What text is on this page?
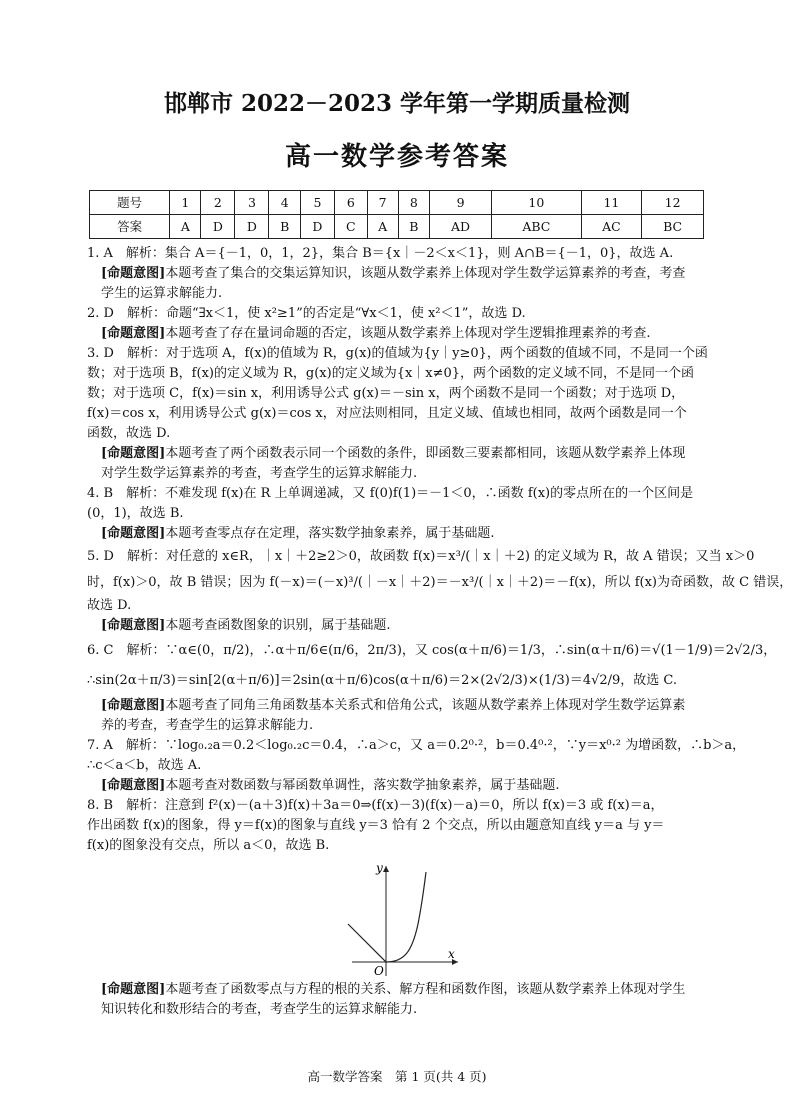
邯郸市 2022－2023 学年第一学期质量检测
高一数学参考答案
题号	1	2	3	4	5	6	7	8	9	10	11	12
答案	A	D	D	B	D	C	A	B	AD	ABC	AC	BC
1. A　解析：集合 A＝{－1，0，1，2}，集合 B＝{x｜－2＜x＜1}，则 A∩B＝{－1，0}，故选 A.
[命题意图]本题考查了集合的交集运算知识，该题从数学素养上体现对学生数学运算素养的考查，考查
学生的运算求解能力.
2. D　解析：命题“∃x＜1，使 x²≥1”的否定是“∀x＜1，使 x²＜1”，故选 D.
[命题意图]本题考查了存在量词命题的否定，该题从数学素养上体现对学生逻辑推理素养的考查.
3. D　解析：对于选项 A，f(x)的值域为 R，g(x)的值域为{y｜y≥0}，两个函数的值域不同，不是同一个函
数；对于选项 B，f(x)的定义域为 R，g(x)的定义域为{x｜x≠0}，两个函数的定义域不同，不是同一个函
数；对于选项 C，f(x)＝sin x，利用诱导公式 g(x)＝－sin x，两个函数不是同一个函数；对于选项 D，
f(x)＝cos x，利用诱导公式 g(x)＝cos x，对应法则相同，且定义域、值域也相同，故两个函数是同一个
函数，故选 D.
[命题意图]本题考查了两个函数表示同一个函数的条件，即函数三要素都相同，该题从数学素养上体现
对学生数学运算素养的考查，考查学生的运算求解能力.
4. B　解析：不难发现 f(x)在 R 上单调递减，又 f(0)f(1)＝－1＜0，∴函数 f(x)的零点所在的一个区间是
(0，1)，故选 B.
[命题意图]本题考查零点存在定理，落实数学抽象素养，属于基础题.
5. D　解析：对任意的 x∈R，｜x｜＋2≥2＞0，故函数 f(x)＝x³/(｜x｜＋2) 的定义域为 R，故 A 错误；又当 x＞0
时，f(x)＞0，故 B 错误；因为 f(－x)＝(－x)³/(｜－x｜＋2)＝－x³/(｜x｜＋2)＝－f(x)，所以 f(x)为奇函数，故 C 错误，
故选 D.
[命题意图]本题考查函数图象的识别，属于基础题.
6. C　解析：∵α∈(0，π/2)，∴α＋π/6∈(π/6，2π/3)，又 cos(α＋π/6)＝1/3，∴sin(α＋π/6)＝√(1－1/9)＝2√2/3，
∴sin(2α＋π/3)＝sin[2(α＋π/6)]＝2sin(α＋π/6)cos(α＋π/6)＝2×(2√2/3)×(1/3)＝4√2/9，故选 C.
[命题意图]本题考查了同角三角函数基本关系式和倍角公式，该题从数学素养上体现对学生数学运算素
养的考查，考查学生的运算求解能力.
7. A　解析：∵log₀.₂a＝0.2＜log₀.₂c＝0.4，∴a＞c，又 a＝0.2⁰·²，b＝0.4⁰·²，∵y＝x⁰·² 为增函数，∴b＞a，
∴c＜a＜b，故选 A.
[命题意图]本题考查对数函数与幂函数单调性，落实数学抽象素养，属于基础题.
8. B　解析：注意到 f²(x)－(a＋3)f(x)＋3a＝0⇒(f(x)－3)(f(x)－a)＝0，所以 f(x)＝3 或 f(x)＝a，
作出函数 f(x)的图象，得 y＝f(x)的图象与直线 y＝3 恰有 2 个交点，所以由题意知直线 y＝a 与 y＝
f(x)的图象没有交点，所以 a＜0，故选 B.
x
y
O
[命题意图]本题考查了函数零点与方程的根的关系、解方程和函数作图，该题从数学素养上体现对学生
知识转化和数形结合的考查，考查学生的运算求解能力.
高一数学答案　第 1 页(共 4 页)
